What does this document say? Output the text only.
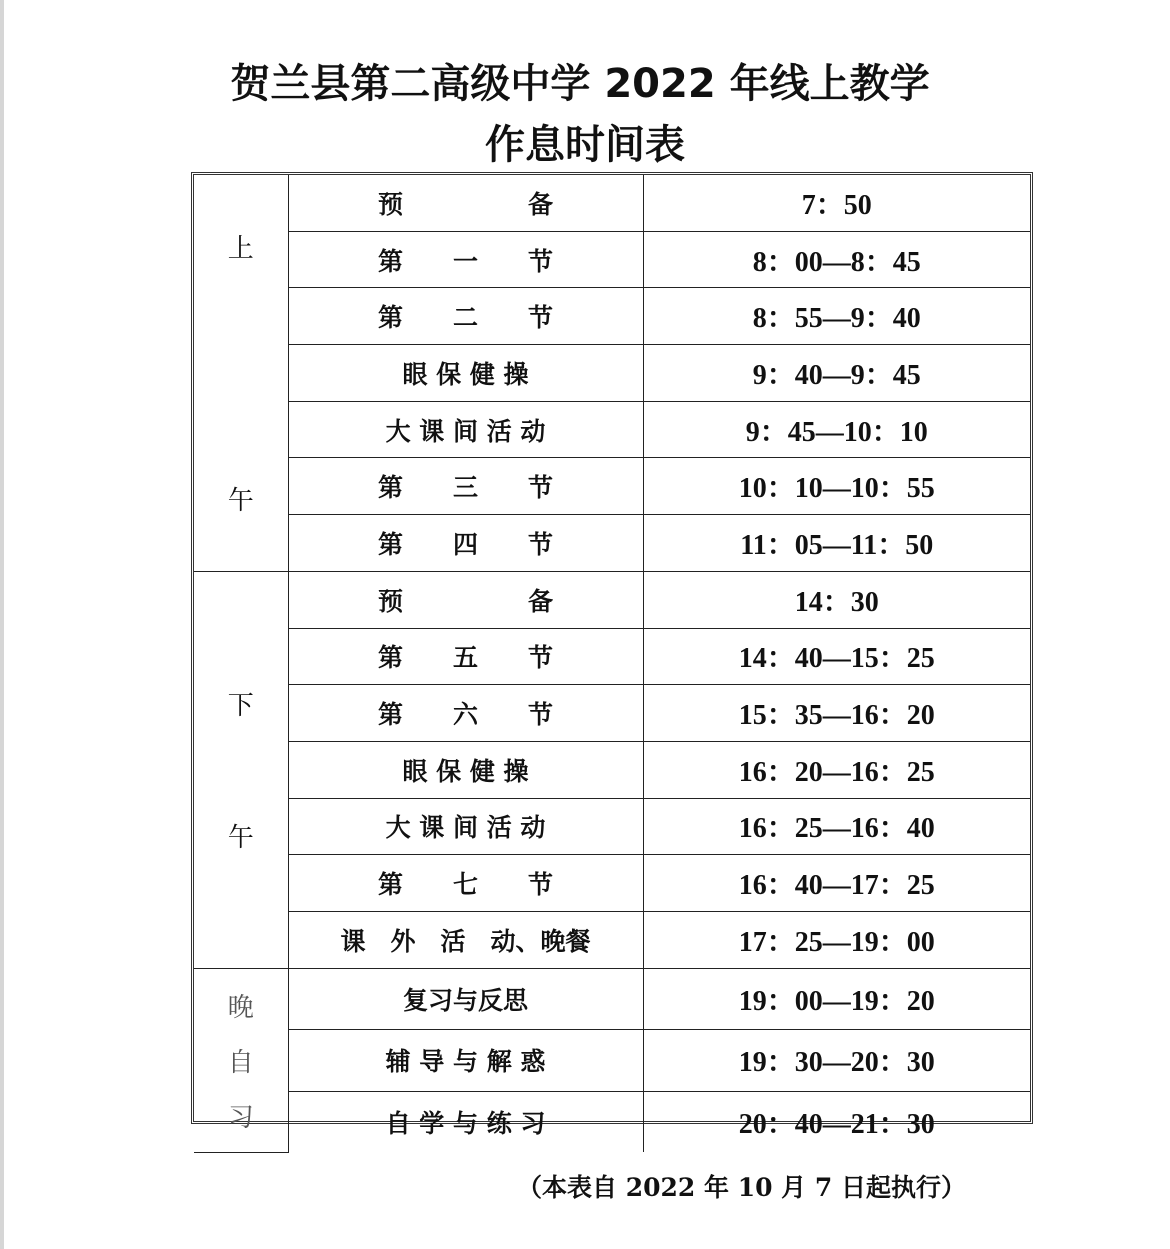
贺兰县第二高级中学 2022 年线上教学
作息时间表
上
午	预　　　　　备	7：50
	第　　一　　节	8：00—8：45
	第　　二　　节	8：55—9：40
	眼 保 健 操	9：40—9：45
	大 课 间 活 动	9：45—10：10
	第　　三　　节	10：10—10：55
	第　　四　　节	11：05—11：50

下
午	预　　　　　备	14：30
	第　　五　　节	14：40—15：25
	第　　六　　节	15：35—16：20
	眼 保 健 操	16：20—16：25
	大 课 间 活 动	16：25—16：40
	第　　七　　节	16：40—17：25
	课　外　活　动、晚餐	17：25—19：00

晚
自
习	复习与反思	19：00—19：20
	辅 导 与 解 惑	19：30—20：30
	自 学 与 练 习	20：40—21：30
（本表自 2022 年 10 月 7 日起执行）
